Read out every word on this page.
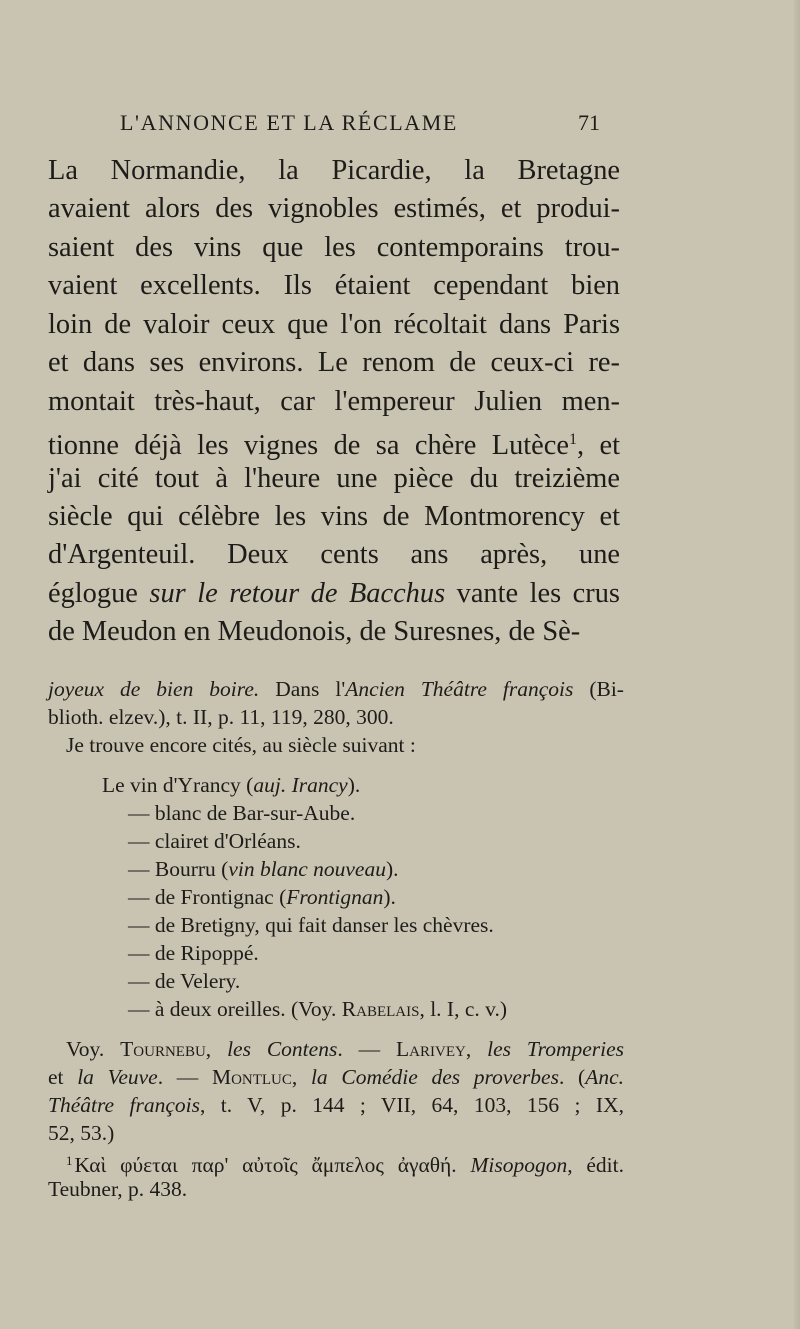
L'ANNONCE ET LA RÉCLAME	71
La Normandie, la Picardie, la Bretagne
avaient alors des vignobles estimés, et produi-
saient des vins que les contemporains trou-
vaient excellents. Ils étaient cependant bien
loin de valoir ceux que l'on récoltait dans Paris
et dans ses environs. Le renom de ceux-ci re-
montait très-haut, car l'empereur Julien men-
tionne déjà les vignes de sa chère Lutèce$^1$, et
j'ai cité tout à l'heure une pièce du treizième
siècle qui célèbre les vins de Montmorency et
d'Argenteuil. Deux cents ans après, une
églogue sur le retour de Bacchus vante les crus
de Meudon en Meudonois, de Suresnes, de Sè-
joyeux de bien boire. Dans l'Ancien Théâtre françois (Bi-
blioth. elzev.), t. II, p. 11, 119, 280, 300.
Je trouve encore cités, au siècle suivant :
Le vin d'Yrancy (auj. Irancy).
— blanc de Bar-sur-Aube.
— clairet d'Orléans.
— Bourru (vin blanc nouveau).
— de Frontignac (Frontignan).
— de Bretigny, qui fait danser les chèvres.
— de Ripoppé.
— de Velery.
— à deux oreilles. (Voy. Rabelais, l. I, c. v.)
Voy. Tournebu, les Contens. — Larivey, les Tromperies
et la Veuve. — Montluc, la Comédie des proverbes. (Anc.
Théâtre françois, t. V, p. 144 ; VII, 64, 103, 156 ; IX,
52, 53.)
$^1$Καὶ φύεται παρ' αὐτοῖς ἄμπελος ἀγαθή. Misopogon, édit.
Teubner, p. 438.
